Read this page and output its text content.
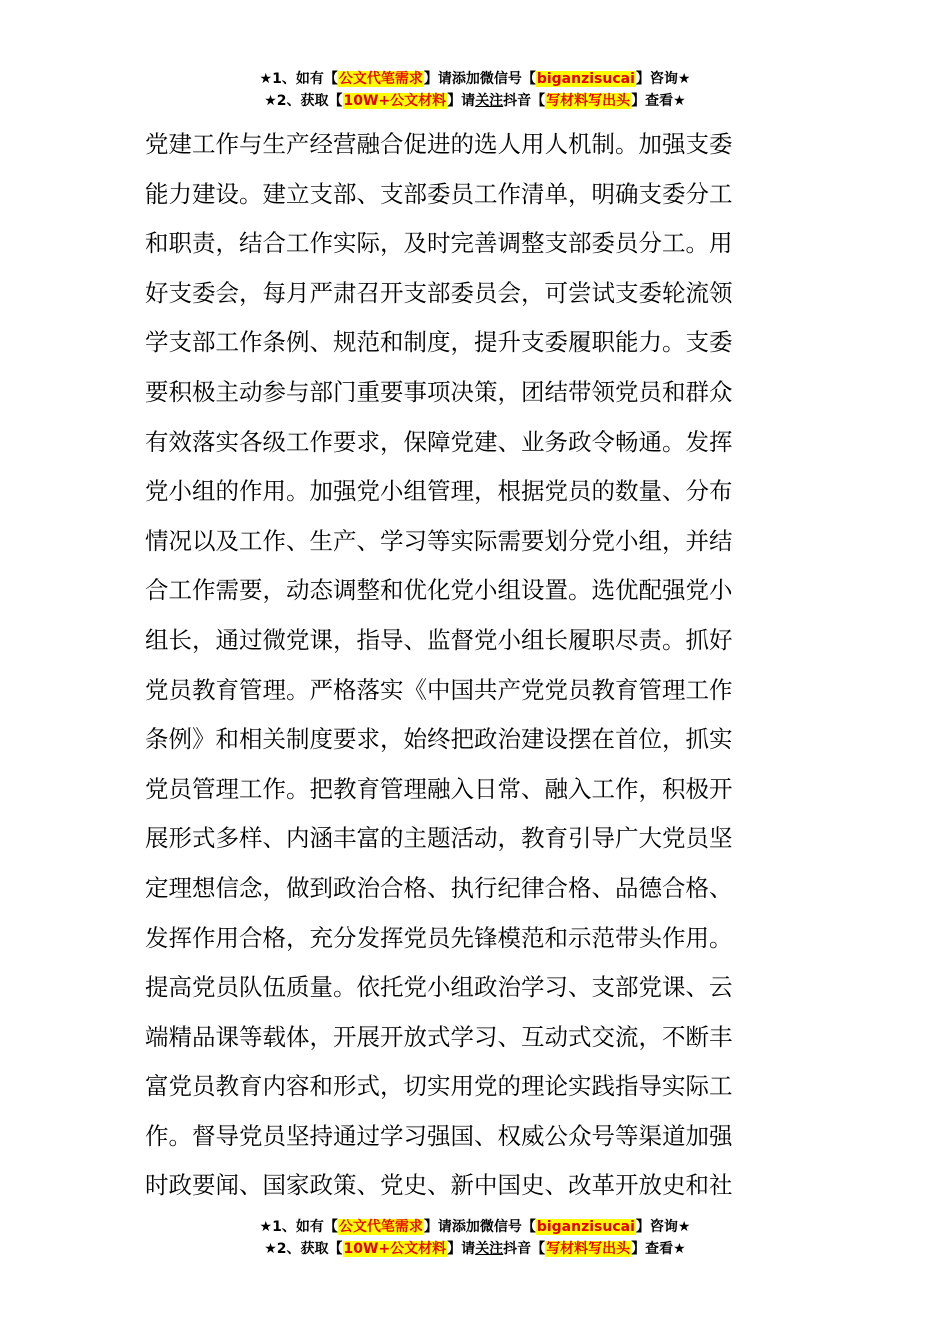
★1、如有【公文代笔需求】请添加微信号【biganzisucai】咨询★
★2、获取【10W+公文材料】请关注抖音【写材料写出头】查看★
党建工作与生产经营融合促进的选人用人机制。加强支委
能力建设。建立支部、支部委员工作清单，明确支委分工
和职责，结合工作实际，及时完善调整支部委员分工。用
好支委会，每月严肃召开支部委员会，可尝试支委轮流领
学支部工作条例、规范和制度，提升支委履职能力。支委
要积极主动参与部门重要事项决策，团结带领党员和群众
有效落实各级工作要求，保障党建、业务政令畅通。发挥
党小组的作用。加强党小组管理，根据党员的数量、分布
情况以及工作、生产、学习等实际需要划分党小组，并结
合工作需要，动态调整和优化党小组设置。选优配强党小
组长，通过微党课，指导、监督党小组长履职尽责。抓好
党员教育管理。严格落实《中国共产党党员教育管理工作
条例》和相关制度要求，始终把政治建设摆在首位，抓实
党员管理工作。把教育管理融入日常、融入工作，积极开
展形式多样、内涵丰富的主题活动，教育引导广大党员坚
定理想信念，做到政治合格、执行纪律合格、品德合格、
发挥作用合格，充分发挥党员先锋模范和示范带头作用。
提高党员队伍质量。依托党小组政治学习、支部党课、云
端精品课等载体，开展开放式学习、互动式交流，不断丰
富党员教育内容和形式，切实用党的理论实践指导实际工
作。督导党员坚持通过学习强国、权威公众号等渠道加强
时政要闻、国家政策、党史、新中国史、改革开放史和社
★1、如有【公文代笔需求】请添加微信号【biganzisucai】咨询★
★2、获取【10W+公文材料】请关注抖音【写材料写出头】查看★
